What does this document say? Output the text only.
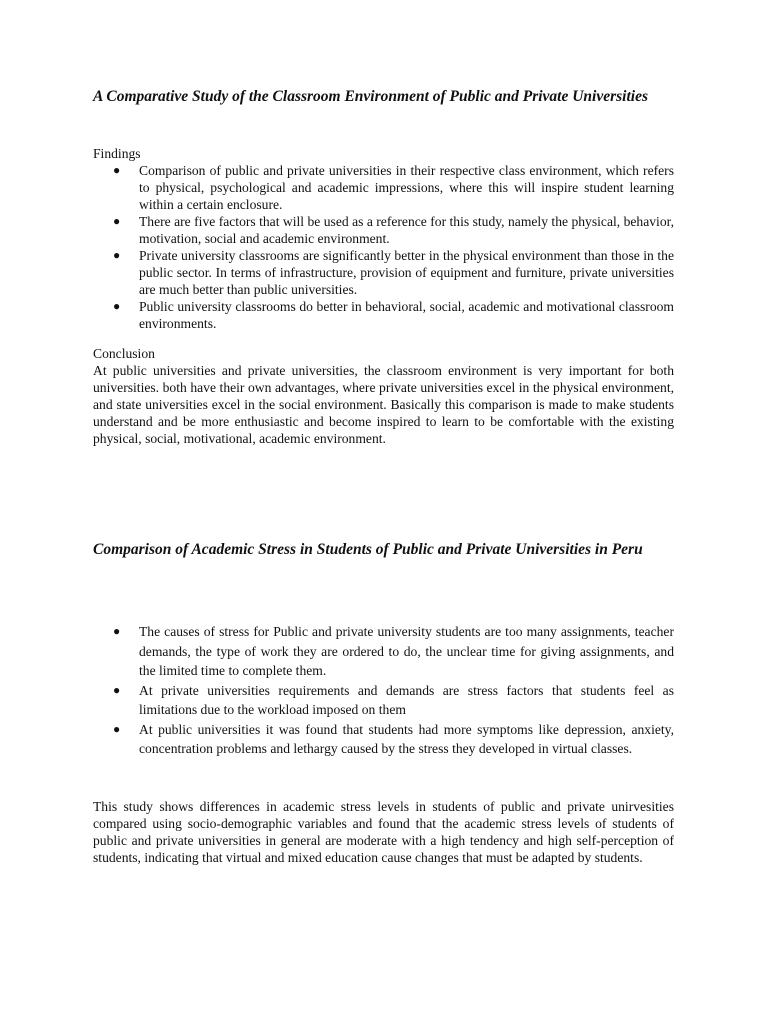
A Comparative Study of the Classroom Environment of Public and Private Universities

Findings

● Comparison of public and private universities in their respective class environment, which refers to physical, psychological and academic impressions, where this will inspire student learning within a certain enclosure.
● There are five factors that will be used as a reference for this study, namely the physical, behavior, motivation, social and academic environment.
● Private university classrooms are significantly better in the physical environment than those in the public sector. In terms of infrastructure, provision of equipment and furniture, private universities are much better than public universities.
● Public university classrooms do better in behavioral, social, academic and motivational classroom environments.

Conclusion

At public universities and private universities, the classroom environment is very important for both universities. both have their own advantages, where private universities excel in the physical environment, and state universities excel in the social environment. Basically this comparison is made to make students understand and be more enthusiastic and become inspired to learn to be comfortable with the existing physical, social, motivational, academic environment.

Comparison of Academic Stress in Students of Public and Private Universities in Peru
● The causes of stress for Public and private university students are too many assignments, teacher demands, the type of work they are ordered to do, the unclear time for giving assignments, and the limited time to complete them.
● At private universities requirements and demands are stress factors that students feel as limitations due to the workload imposed on them
● At public universities it was found that students had more symptoms like depression, anxiety, concentration problems and lethargy caused by the stress they developed in virtual classes.

This study shows differences in academic stress levels in students of public and private unirvesities compared using socio-demographic variables and found that the academic stress levels of students of public and private universities in general are moderate with a high tendency and high self-perception of students, indicating that virtual and mixed education cause changes that must be adapted by students.
